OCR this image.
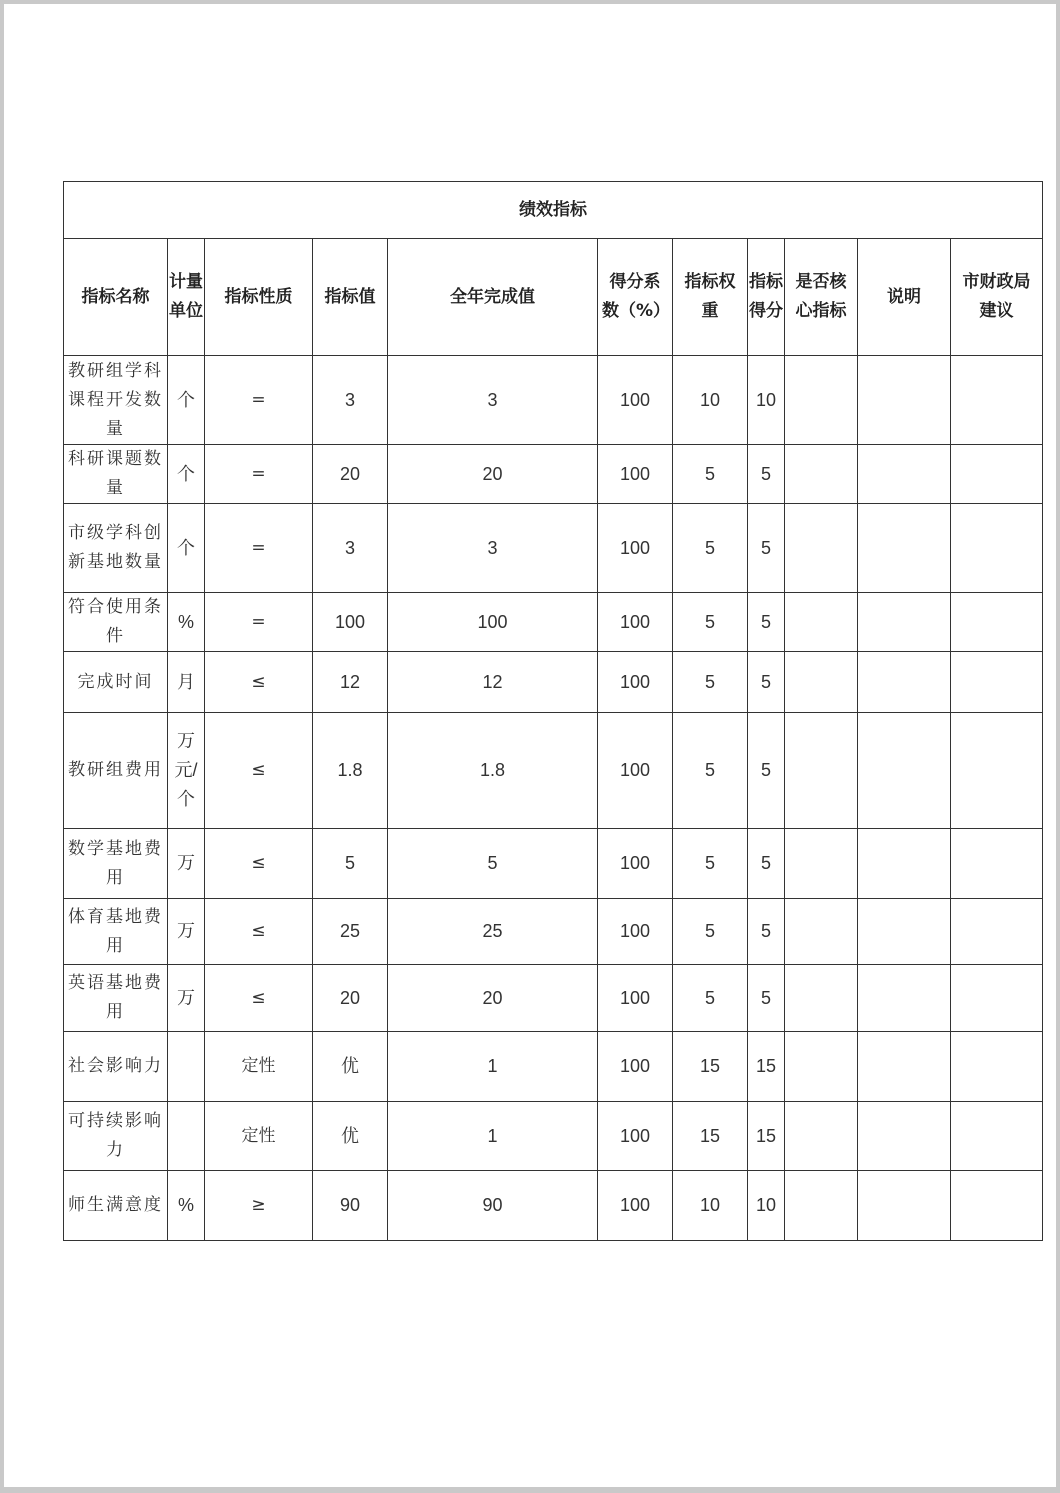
绩效指标										
指标名称	计量单位	指标性质	指标值	全年完成值	得分系数（%）	指标权重	指标得分	是否核心指标	说明	市财政局建议
教研组学科课程开发数量	个	=	3	3	100	10	10			
科研课题数量	个	=	20	20	100	5	5			
市级学科创新基地数量	个	=	3	3	100	5	5			
符合使用条件	%	=	100	100	100	5	5			
完成时间	月	≤	12	12	100	5	5			
教研组费用	万元/个	≤	1.8	1.8	100	5	5			
数学基地费用	万	≤	5	5	100	5	5			
体育基地费用	万	≤	25	25	100	5	5			
英语基地费用	万	≤	20	20	100	5	5			
社会影响力		定性	优	1	100	15	15			
可持续影响力		定性	优	1	100	15	15			
师生满意度	%	≥	90	90	100	10	10			
